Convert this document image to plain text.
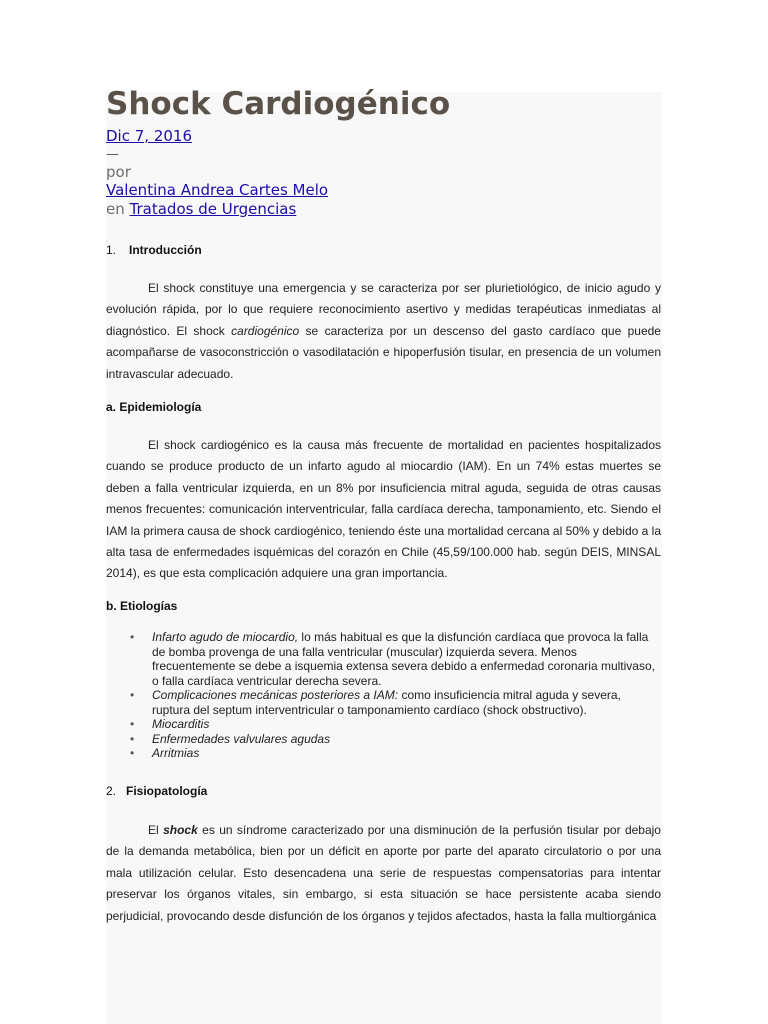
Shock Cardiogénico
Dic 7, 2016
—
por
Valentina Andrea Cartes Melo
en Tratados de Urgencias
1. Introducción

El shock constituye una emergencia y se caracteriza por ser plurietiológico, de inicio agudo y evolución rápida, por lo que requiere reconocimiento asertivo y medidas terapéuticas inmediatas al diagnóstico. El shock cardiogénico se caracteriza por un descenso del gasto cardíaco que puede acompañarse de vasoconstricción o vasodilatación e hipoperfusión tisular, en presencia de un volumen intravascular adecuado.

a. Epidemiología

El shock cardiogénico es la causa más frecuente de mortalidad en pacientes hospitalizados cuando se produce producto de un infarto agudo al miocardio (IAM). En un 74% estas muertes se deben a falla ventricular izquierda, en un 8% por insuficiencia mitral aguda, seguida de otras causas menos frecuentes: comunicación interventricular, falla cardíaca derecha, tamponamiento, etc. Siendo el IAM la primera causa de shock cardiogénico, teniendo éste una mortalidad cercana al 50% y debido a la alta tasa de enfermedades isquémicas del corazón en Chile (45,59/100.000 hab. según DEIS, MINSAL 2014), es que esta complicación adquiere una gran importancia.

b. Etiologías
• Infarto agudo de miocardio, lo más habitual es que la disfunción cardíaca que provoca la falla de bomba provenga de una falla ventricular (muscular) izquierda severa. Menos frecuentemente se debe a isquemia extensa severa debido a enfermedad coronaria multivaso, o falla cardíaca ventricular derecha severa.
• Complicaciones mecánicas posteriores a IAM: como insuficiencia mitral aguda y severa, ruptura del septum interventricular o tamponamiento cardíaco (shock obstructivo).
• Miocarditis
• Enfermedades valvulares agudas
• Arritmias
2. Fisiopatología

El shock es un síndrome caracterizado por una disminución de la perfusión tisular por debajo de la demanda metabólica, bien por un déficit en aporte por parte del aparato circulatorio o por una mala utilización celular. Esto desencadena una serie de respuestas compensatorias para intentar preservar los órganos vitales, sin embargo, si esta situación se hace persistente acaba siendo perjudicial, provocando desde disfunción de los órganos y tejidos afectados, hasta la falla multiorgánica
